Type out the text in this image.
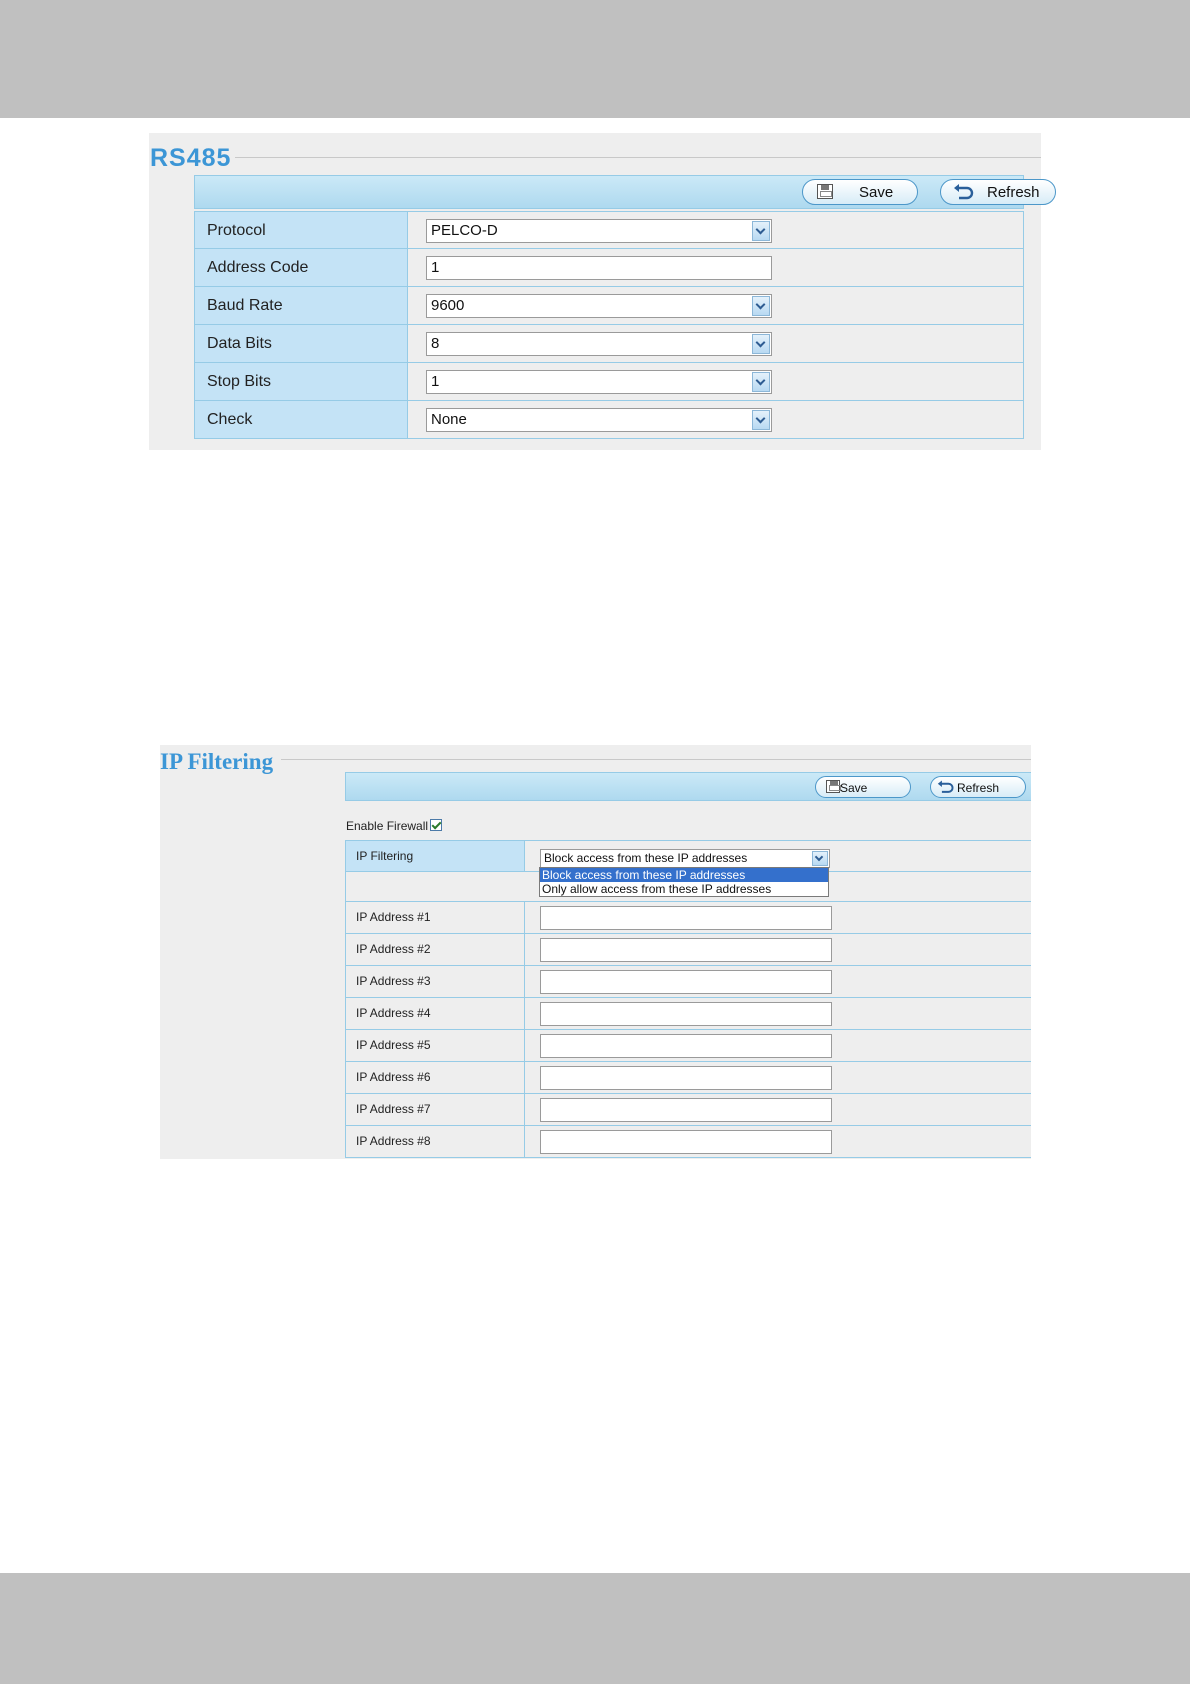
RS485
Save	Refresh
Protocol	PELCO-D
Address Code	1
Baud Rate	9600
Data Bits	8
Stop Bits	1
Check	None
IP Filtering
Save	Refresh
Enable Firewall
IP Filtering	Block access from these IP addresses
IP Address #1
IP Address #2
IP Address #3
IP Address #4
IP Address #5
IP Address #6
IP Address #7
IP Address #8
Block access from these IP addresses
Only allow access from these IP addresses
